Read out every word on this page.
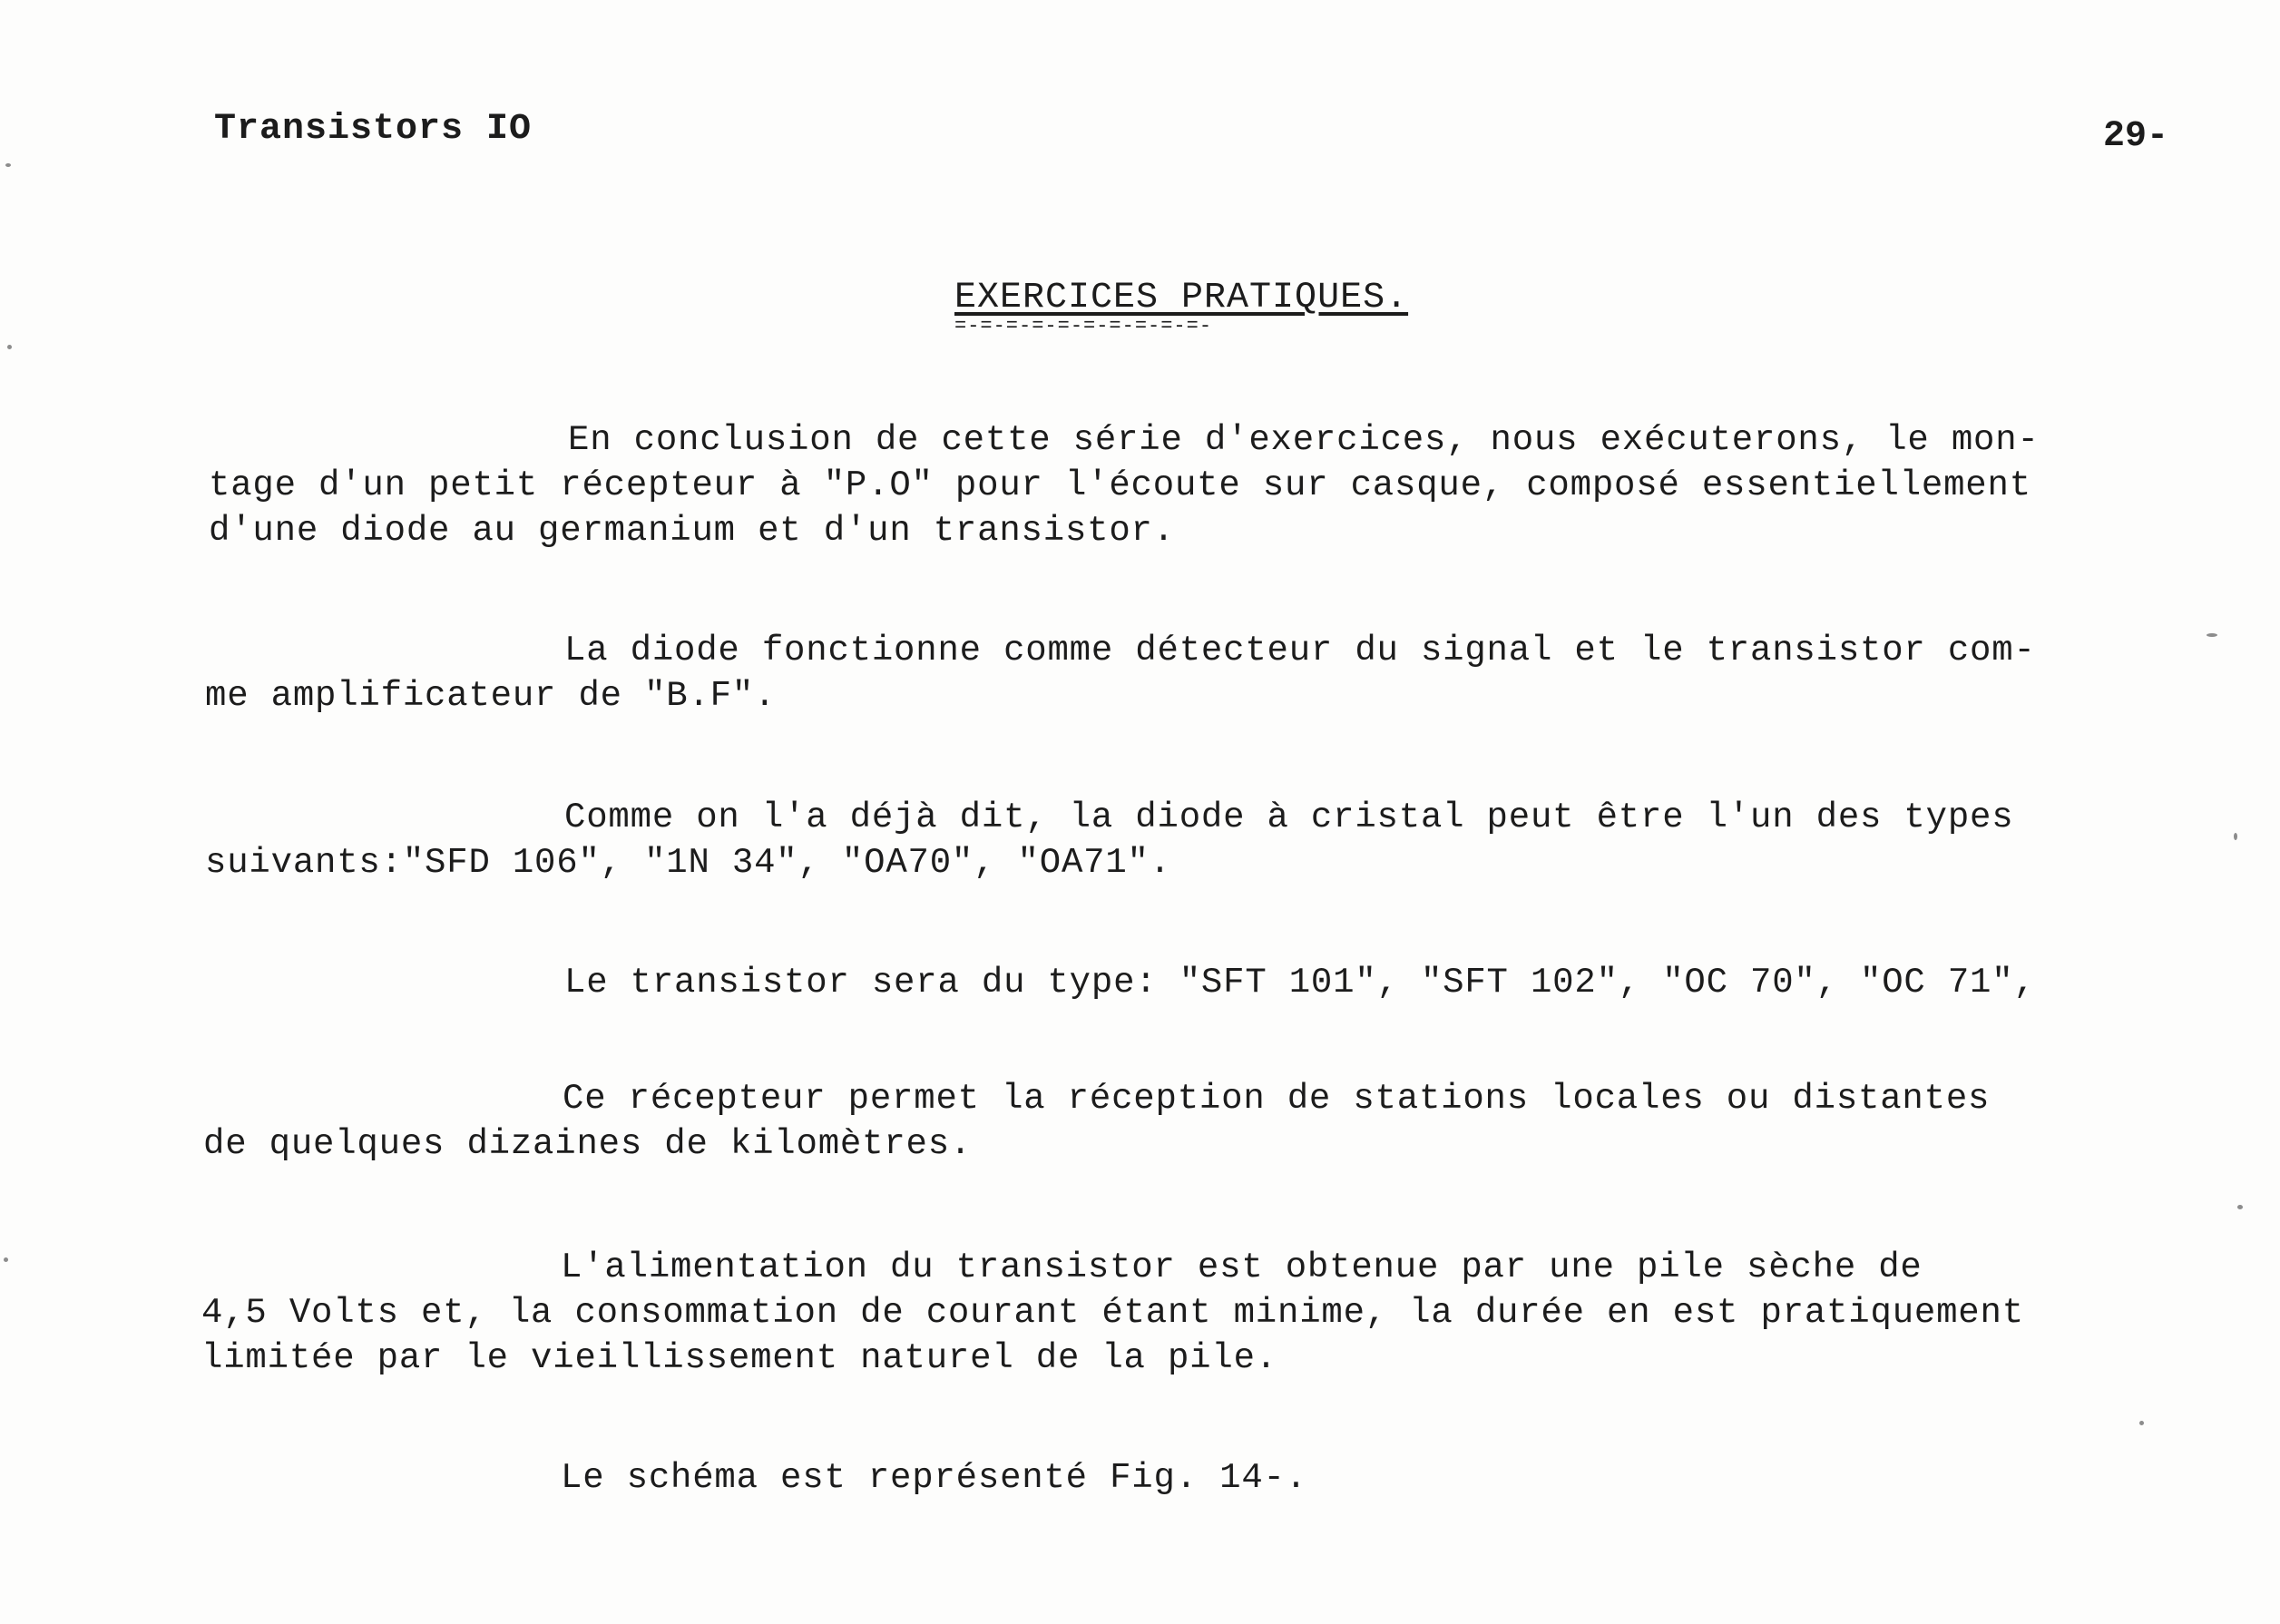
Transistors IO	29-
EXERCICES PRATIQUES.
=-=-=-=-=-=-=-=-=-=-
En conclusion de cette série d'exercices, nous exécuterons, le mon-
tage d'un petit récepteur à "P.O" pour l'écoute sur casque, composé essentiellement
d'une diode au germanium et d'un transistor.
La diode fonctionne comme détecteur du signal et le transistor com-
me amplificateur de "B.F".
Comme on l'a déjà dit, la diode à cristal peut être l'un des types
suivants:"SFD 106", "1N 34", "OA70", "OA71".
Le transistor sera du type: "SFT 101", "SFT 102", "OC 70", "OC 71",
Ce récepteur permet la réception de stations locales ou distantes
de quelques dizaines de kilomètres.
L'alimentation du transistor est obtenue par une pile sèche de
4,5 Volts et, la consommation de courant étant minime, la durée en est pratiquement
limitée par le vieillissement naturel de la pile.
Le schéma est représenté Fig. 14-.
